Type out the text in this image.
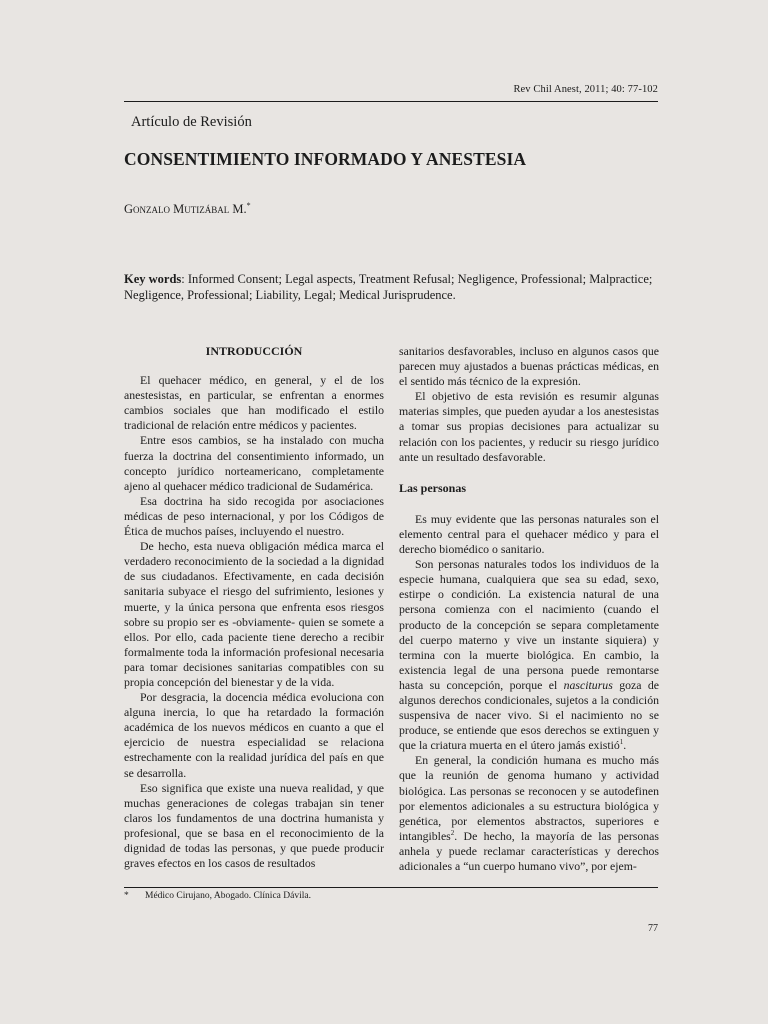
Rev Chil Anest, 2011; 40: 77-102
Artículo de Revisión
CONSENTIMIENTO INFORMADO Y ANESTESIA
Gonzalo Mutizábal M.*
Key words: Informed Consent; Legal aspects, Treatment Refusal; Negligence, Professional; Malpractice; Negligence, Professional; Liability, Legal; Medical Jurisprudence.
INTRODUCCIÓN

El quehacer médico, en general, y el de los anestesistas, en particular, se enfrentan a enormes cambios sociales que han modificado el estilo tradicional de relación entre médicos y pacientes.

Entre esos cambios, se ha instalado con mucha fuerza la doctrina del consentimiento informado, un concepto jurídico norteamericano, completamente ajeno al quehacer médico tradicional de Sudamérica.

Esa doctrina ha sido recogida por asociaciones médicas de peso internacional, y por los Códigos de Ética de muchos países, incluyendo el nuestro.

De hecho, esta nueva obligación médica marca el verdadero reconocimiento de la sociedad a la dignidad de sus ciudadanos. Efectivamente, en cada decisión sanitaria subyace el riesgo del sufrimiento, lesiones y muerte, y la única persona que enfrenta esos riesgos sobre su propio ser es -obviamente- quien se somete a ellos. Por ello, cada paciente tiene derecho a recibir formalmente toda la información profesional necesaria para tomar decisiones sanitarias compatibles con su propia concepción del bienestar y de la vida.

Por desgracia, la docencia médica evoluciona con alguna inercia, lo que ha retardado la formación académica de los nuevos médicos en cuanto a que el ejercicio de nuestra especialidad se relaciona estrechamente con la realidad jurídica del país en que se desarrolla.

Eso significa que existe una nueva realidad, y que muchas generaciones de colegas trabajan sin tener claros los fundamentos de una doctrina humanista y profesional, que se basa en el reconocimiento de la dignidad de todas las personas, y que puede producir graves efectos en los casos de resultados

sanitarios desfavorables, incluso en algunos casos que parecen muy ajustados a buenas prácticas médicas, en el sentido más técnico de la expresión.

El objetivo de esta revisión es resumir algunas materias simples, que pueden ayudar a los anestesistas a tomar sus propias decisiones para actualizar su relación con los pacientes, y reducir su riesgo jurídico ante un resultado desfavorable.

Las personas

Es muy evidente que las personas naturales son el elemento central para el quehacer médico y para el derecho biomédico o sanitario.

Son personas naturales todos los individuos de la especie humana, cualquiera que sea su edad, sexo, estirpe o condición. La existencia natural de una persona comienza con el nacimiento (cuando el producto de la concepción se separa completamente del cuerpo materno y vive un instante siquiera) y termina con la muerte biológica. En cambio, la existencia legal de una persona puede remontarse hasta su concepción, porque el nasciturus goza de algunos derechos condicionales, sujetos a la condición suspensiva de nacer vivo. Si el nacimiento no se produce, se entiende que esos derechos se extinguen y que la criatura muerta en el útero jamás existió$^1$.

En general, la condición humana es mucho más que la reunión de genoma humano y actividad biológica. Las personas se reconocen y se autodefinen por elementos adicionales a su estructura biológica y genética, por elementos abstractos, superiores e intangibles$^2$. De hecho, la mayoría de las personas anhela y puede reclamar características y derechos adicionales a “un cuerpo humano vivo”, por ejem-

* Médico Cirujano, Abogado. Clínica Dávila.
77
